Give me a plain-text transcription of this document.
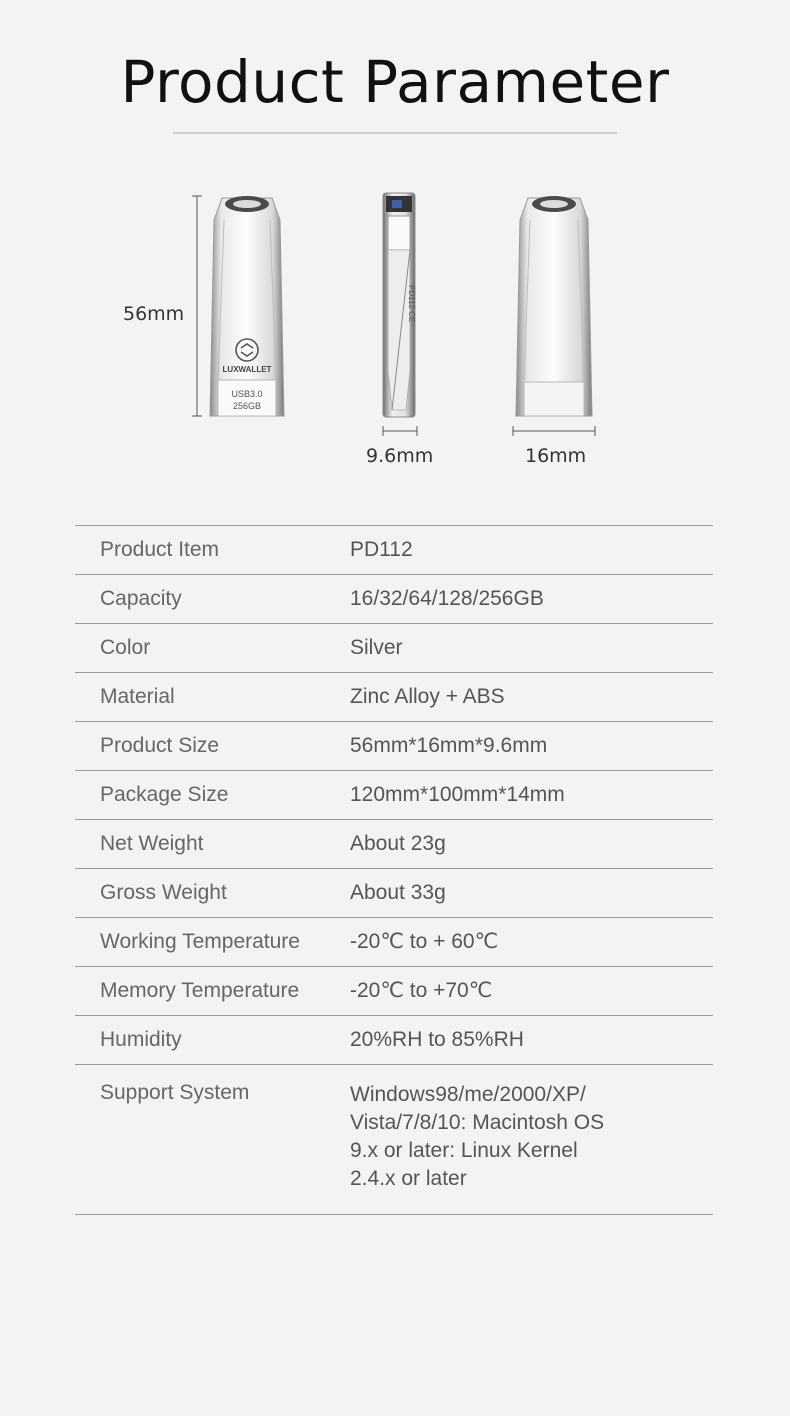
Product Parameter
56mm
LUXWALLET
USB3.0
256GB
PD112 CE
9.6mm	16mm
Product Item	PD112
Capacity	16/32/64/128/256GB
Color	Silver
Material	Zinc Alloy + ABS
Product Size	56mm*16mm*9.6mm
Package Size	120mm*100mm*14mm
Net Weight	About 23g
Gross Weight	About 33g
Working Temperature	-20℃ to + 60℃
Memory Temperature	-20℃ to +70℃
Humidity	20%RH to 85%RH
Support System	Windows98/me/2000/XP/
Vista/7/8/10: Macintosh OS
9.x or later: Linux Kernel
2.4.x or later
